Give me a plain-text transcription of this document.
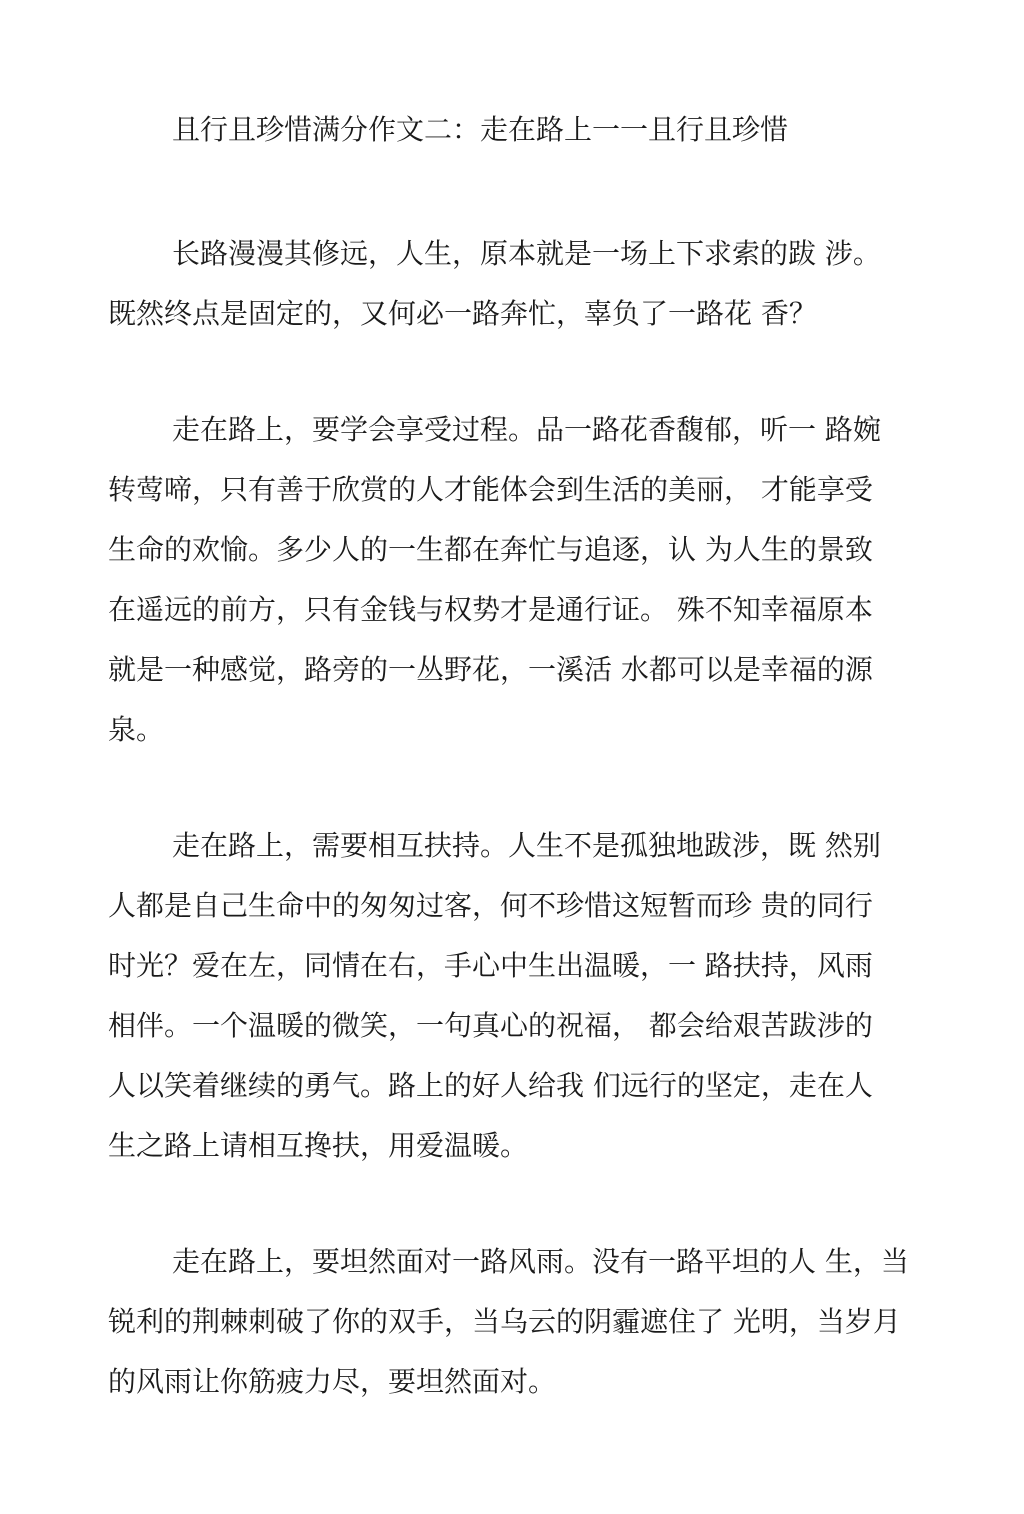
且行且珍惜满分作文二：走在路上一一且行且珍惜
长路漫漫其修远，人生，原本就是一场上下求索的跋 涉。
既然终点是固定的，又何必一路奔忙，辜负了一路花 香？
走在路上，要学会享受过程。品一路花香馥郁，听一 路婉
转莺啼，只有善于欣赏的人才能体会到生活的美丽， 才能享受
生命的欢愉。多少人的一生都在奔忙与追逐，认 为人生的景致
在遥远的前方，只有金钱与权势才是通行证。 殊不知幸福原本
就是一种感觉，路旁的一丛野花，一溪活 水都可以是幸福的源
泉。
走在路上，需要相互扶持。人生不是孤独地跋涉，既 然别
人都是自己生命中的匆匆过客，何不珍惜这短暂而珍 贵的同行
时光？爱在左，同情在右，手心中生出温暖，一 路扶持，风雨
相伴。一个温暖的微笑，一句真心的祝福， 都会给艰苦跋涉的
人以笑着继续的勇气。路上的好人给我 们远行的坚定，走在人
生之路上请相互搀扶，用爱温暖。
走在路上，要坦然面对一路风雨。没有一路平坦的人 生，当
锐利的荆棘刺破了你的双手，当乌云的阴霾遮住了 光明，当岁月
的风雨让你筋疲力尽，要坦然面对。
